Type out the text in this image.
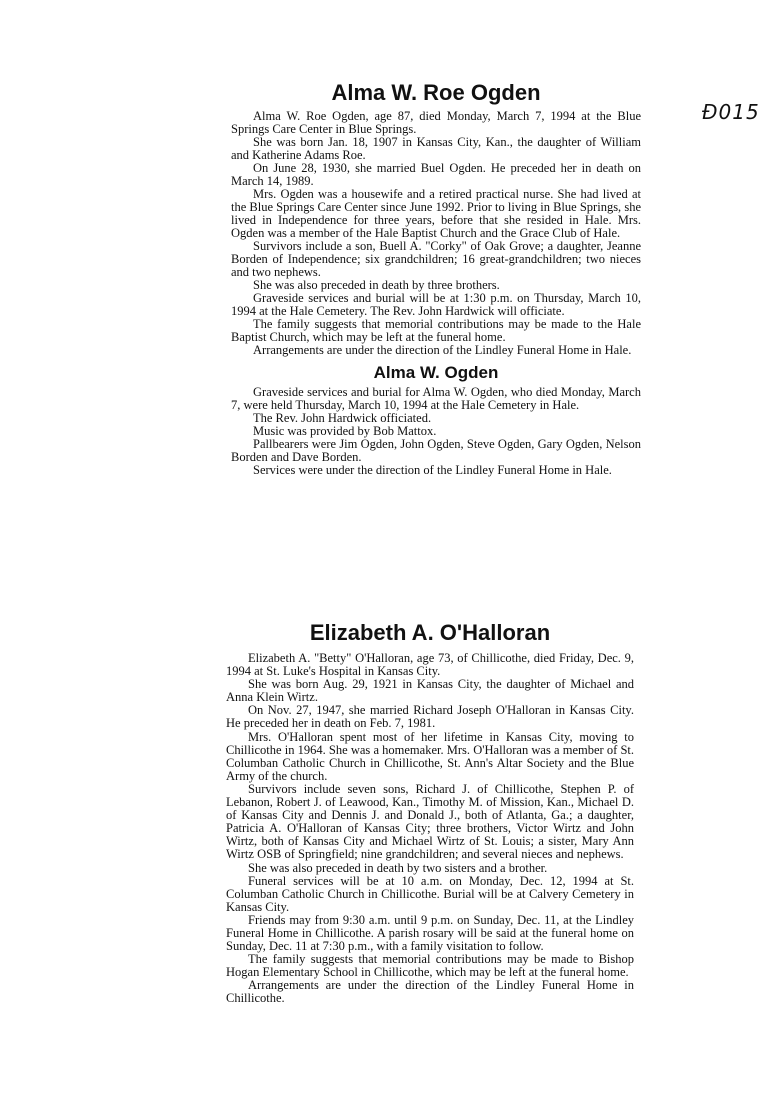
Ð015
Alma W. Roe Ogden

Alma W. Roe Ogden, age 87, died Monday, March 7, 1994 at the Blue Springs Care Center in Blue Springs.

She was born Jan. 18, 1907 in Kansas City, Kan., the daughter of William and Katherine Adams Roe.

On June 28, 1930, she married Buel Ogden. He preceded her in death on March 14, 1989.

Mrs. Ogden was a housewife and a retired practical nurse. She had lived at the Blue Springs Care Center since June 1992. Prior to living in Blue Springs, she lived in Independence for three years, before that she resided in Hale. Mrs. Ogden was a member of the Hale Baptist Church and the Grace Club of Hale.

Survivors include a son, Buell A. "Corky" of Oak Grove; a daughter, Jeanne Borden of Independence; six grandchildren; 16 great-grandchildren; two nieces and two nephews.

She was also preceded in death by three brothers.

Graveside services and burial will be at 1:30 p.m. on Thursday, March 10, 1994 at the Hale Cemetery. The Rev. John Hardwick will officiate.

The family suggests that memorial contributions may be made to the Hale Baptist Church, which may be left at the funeral home.

Arrangements are under the direction of the Lindley Funeral Home in Hale.

Alma W. Ogden

Graveside services and burial for Alma W. Ogden, who died Monday, March 7, were held Thursday, March 10, 1994 at the Hale Cemetery in Hale.

The Rev. John Hardwick officiated.

Music was provided by Bob Mattox.

Pallbearers were Jim Ogden, John Ogden, Steve Ogden, Gary Ogden, Nelson Borden and Dave Borden.

Services were under the direction of the Lindley Funeral Home in Hale.

Elizabeth A. O'Halloran

Elizabeth A. "Betty" O'Halloran, age 73, of Chillicothe, died Friday, Dec. 9, 1994 at St. Luke's Hospital in Kansas City.

She was born Aug. 29, 1921 in Kansas City, the daughter of Michael and Anna Klein Wirtz.

On Nov. 27, 1947, she married Richard Joseph O'Halloran in Kansas City. He preceded her in death on Feb. 7, 1981.

Mrs. O'Halloran spent most of her lifetime in Kansas City, moving to Chillicothe in 1964. She was a homemaker. Mrs. O'Halloran was a member of St. Columban Catholic Church in Chillicothe, St. Ann's Altar Society and the Blue Army of the church.

Survivors include seven sons, Richard J. of Chillicothe, Stephen P. of Lebanon, Robert J. of Leawood, Kan., Timothy M. of Mission, Kan., Michael D. of Kansas City and Dennis J. and Donald J., both of Atlanta, Ga.; a daughter, Patricia A. O'Halloran of Kansas City; three brothers, Victor Wirtz and John Wirtz, both of Kansas City and Michael Wirtz of St. Louis; a sister, Mary Ann Wirtz OSB of Springfield; nine grandchildren; and several nieces and nephews.

She was also preceded in death by two sisters and a brother.

Funeral services will be at 10 a.m. on Monday, Dec. 12, 1994 at St. Columban Catholic Church in Chillicothe. Burial will be at Calvery Cemetery in Kansas City.

Friends may from 9:30 a.m. until 9 p.m. on Sunday, Dec. 11, at the Lindley Funeral Home in Chillicothe. A parish rosary will be said at the funeral home on Sunday, Dec. 11 at 7:30 p.m., with a family visitation to follow.

The family suggests that memorial contributions may be made to Bishop Hogan Elementary School in Chillicothe, which may be left at the funeral home.

Arrangements are under the direction of the Lindley Funeral Home in Chillicothe.
